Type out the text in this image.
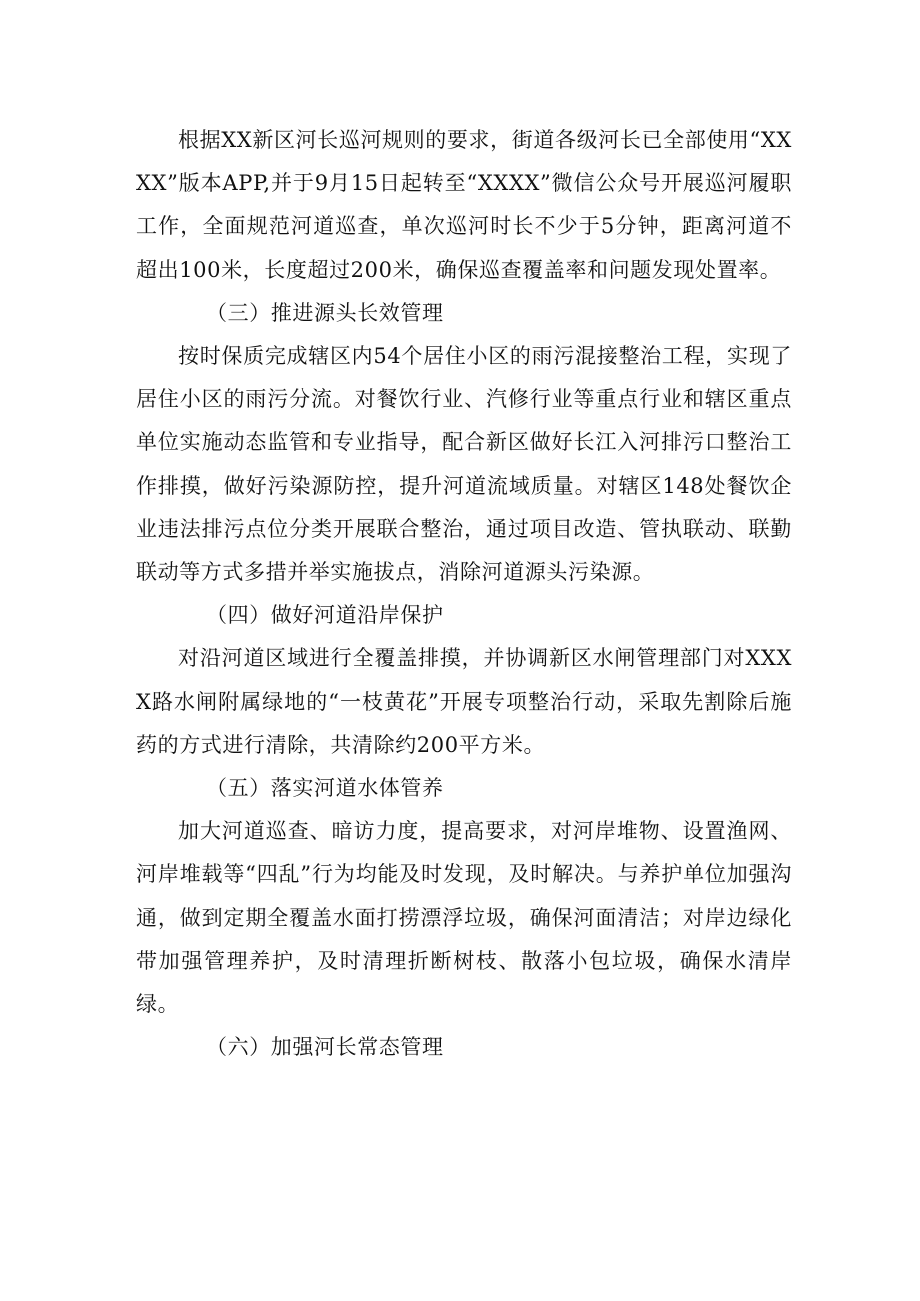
根据XX新区河长巡河规则的要求，街道各级河长已全部使用“XXXX”版本APP,并于9月15日起转至“XXXX”微信公众号开展巡河履职工作，全面规范河道巡查，单次巡河时长不少于5分钟，距离河道不超出100米，长度超过200米，确保巡查覆盖率和问题发现处置率。

（三）推进源头长效管理

按时保质完成辖区内54个居住小区的雨污混接整治工程，实现了居住小区的雨污分流。对餐饮行业、汽修行业等重点行业和辖区重点单位实施动态监管和专业指导，配合新区做好长江入河排污口整治工作排摸，做好污染源防控，提升河道流域质量。对辖区148处餐饮企业违法排污点位分类开展联合整治，通过项目改造、管执联动、联勤联动等方式多措并举实施拔点，消除河道源头污染源。

（四）做好河道沿岸保护

对沿河道区域进行全覆盖排摸，并协调新区水闸管理部门对XXXX路水闸附属绿地的“一枝黄花”开展专项整治行动，采取先割除后施药的方式进行清除，共清除约200平方米。

（五）落实河道水体管养

加大河道巡查、暗访力度，提高要求，对河岸堆物、设置渔网、河岸堆载等“四乱”行为均能及时发现，及时解决。与养护单位加强沟通，做到定期全覆盖水面打捞漂浮垃圾，确保河面清洁；对岸边绿化带加强管理养护，及时清理折断树枝、散落小包垃圾，确保水清岸绿。

（六）加强河长常态管理
